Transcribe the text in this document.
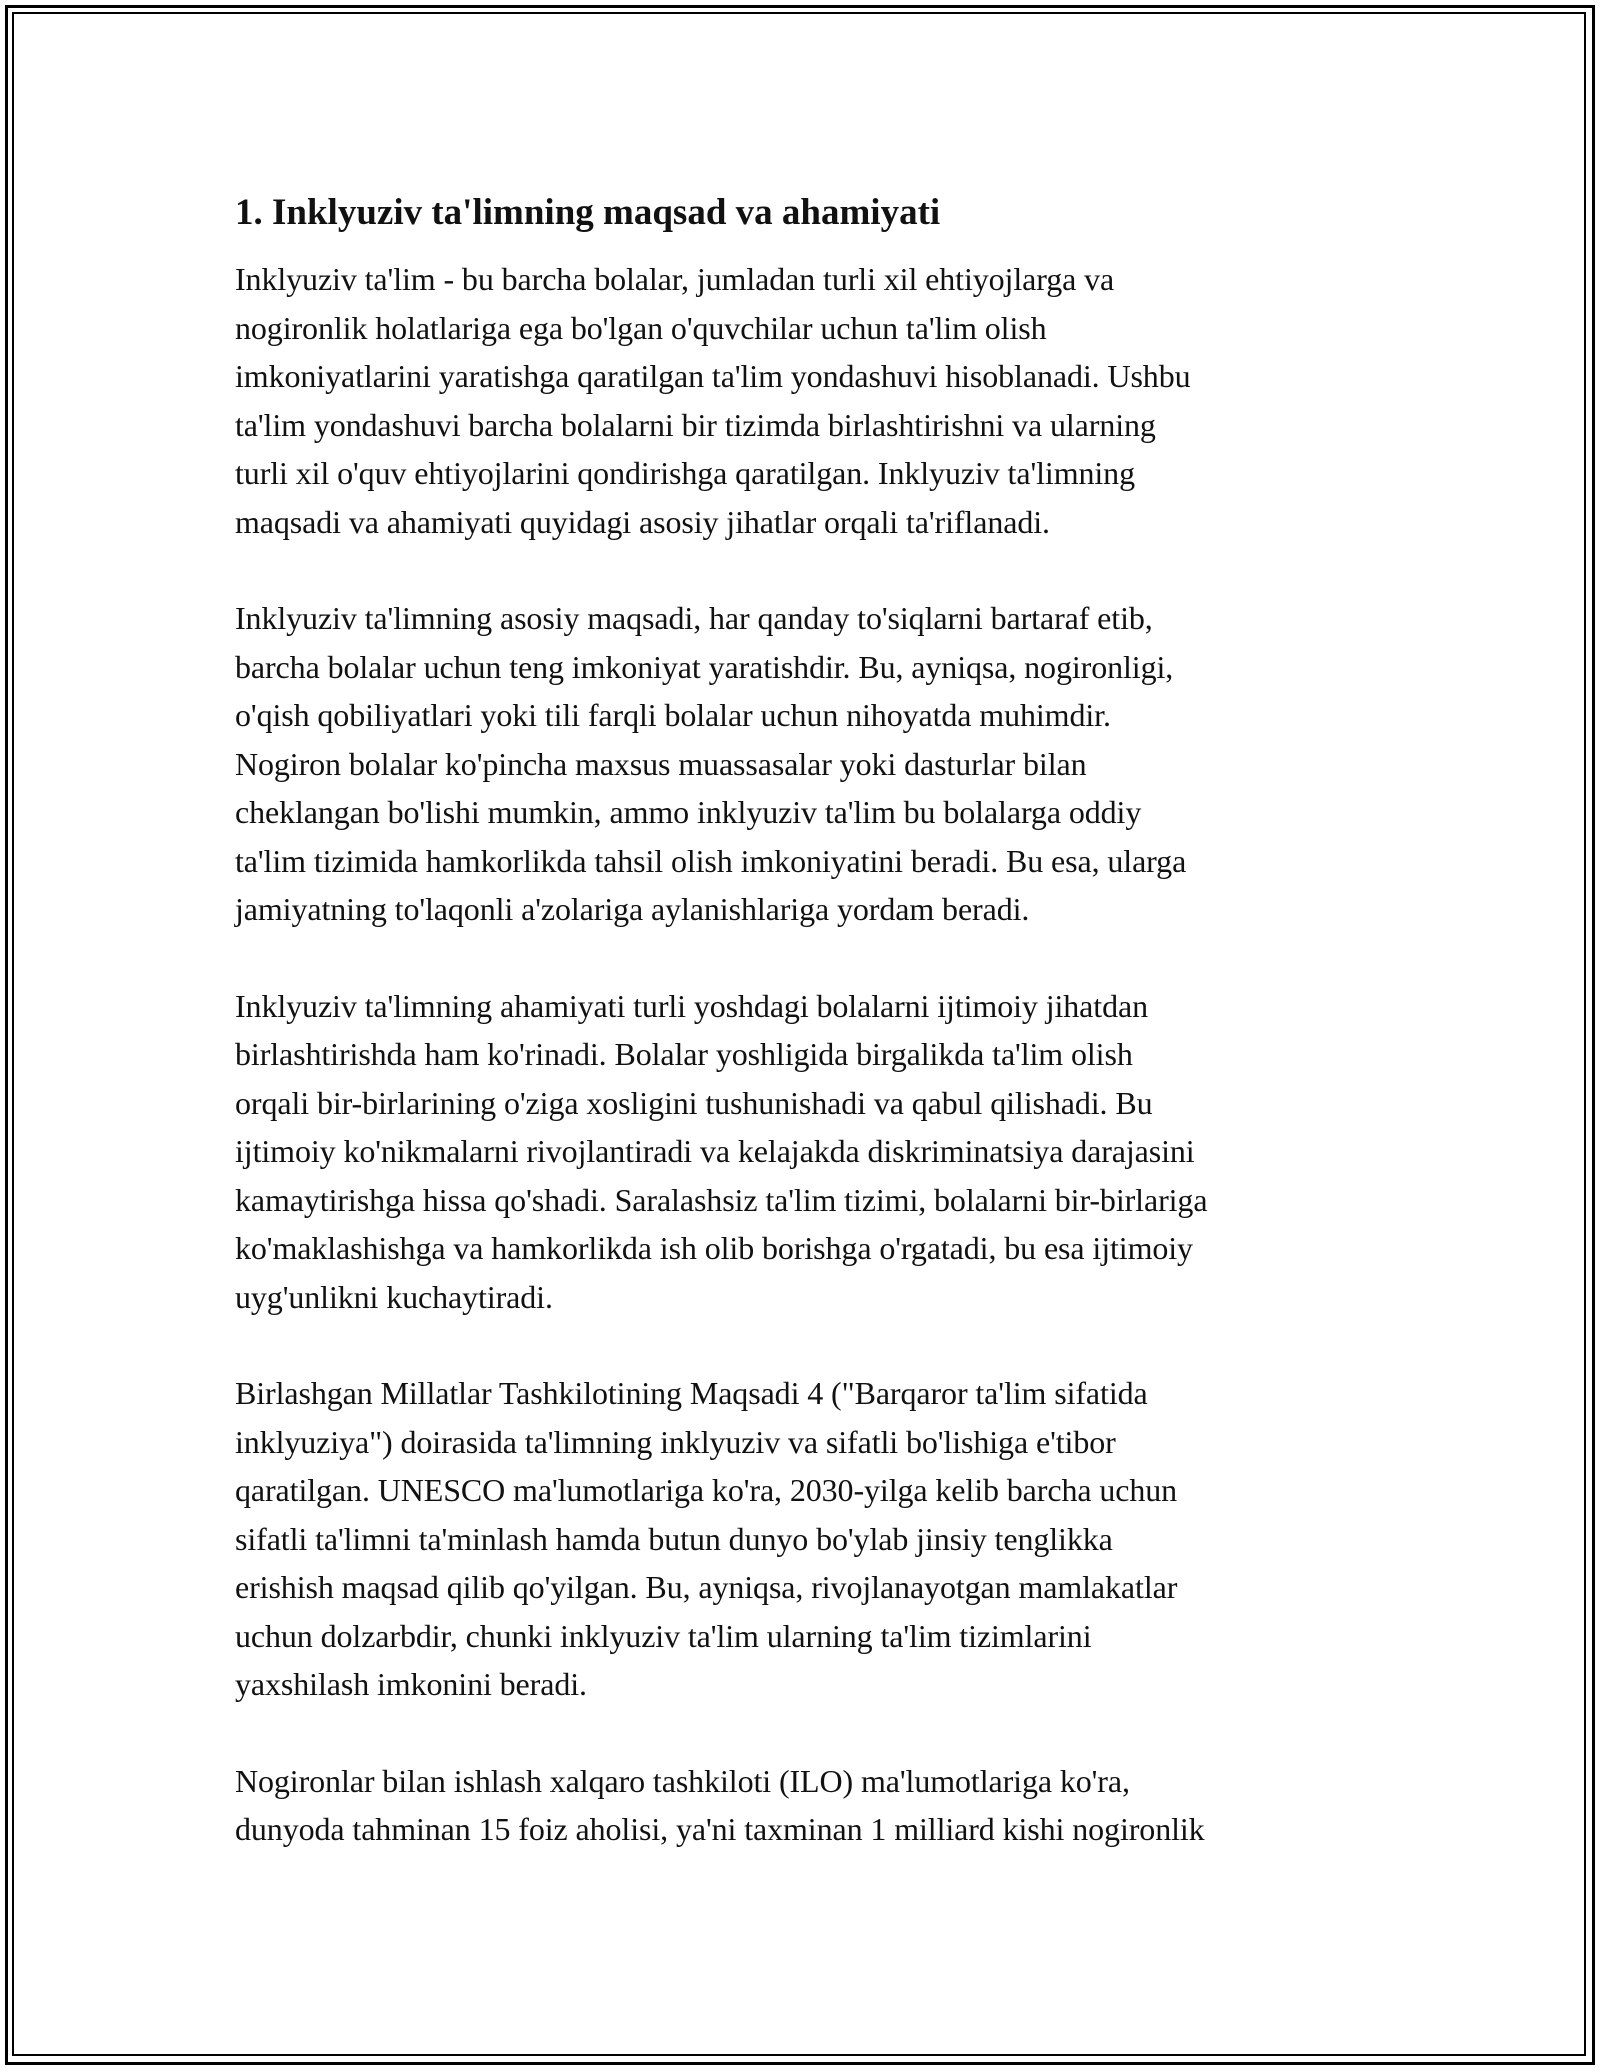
1. Inklyuziv ta'limning maqsad va ahamiyati

Inklyuziv ta'lim - bu barcha bolalar, jumladan turli xil ehtiyojlarga va
nogironlik holatlariga ega bo'lgan o'quvchilar uchun ta'lim olish
imkoniyatlarini yaratishga qaratilgan ta'lim yondashuvi hisoblanadi. Ushbu
ta'lim yondashuvi barcha bolalarni bir tizimda birlashtirishni va ularning
turli xil o'quv ehtiyojlarini qondirishga qaratilgan. Inklyuziv ta'limning
maqsadi va ahamiyati quyidagi asosiy jihatlar orqali ta'riflanadi.

Inklyuziv ta'limning asosiy maqsadi, har qanday to'siqlarni bartaraf etib,
barcha bolalar uchun teng imkoniyat yaratishdir. Bu, ayniqsa, nogironligi,
o'qish qobiliyatlari yoki tili farqli bolalar uchun nihoyatda muhimdir.
Nogiron bolalar ko'pincha maxsus muassasalar yoki dasturlar bilan
cheklangan bo'lishi mumkin, ammo inklyuziv ta'lim bu bolalarga oddiy
ta'lim tizimida hamkorlikda tahsil olish imkoniyatini beradi. Bu esa, ularga
jamiyatning to'laqonli a'zolariga aylanishlariga yordam beradi.

Inklyuziv ta'limning ahamiyati turli yoshdagi bolalarni ijtimoiy jihatdan
birlashtirishda ham ko'rinadi. Bolalar yoshligida birgalikda ta'lim olish
orqali bir-birlarining o'ziga xosligini tushunishadi va qabul qilishadi. Bu
ijtimoiy ko'nikmalarni rivojlantiradi va kelajakda diskriminatsiya darajasini
kamaytirishga hissa qo'shadi. Saralashsiz ta'lim tizimi, bolalarni bir-birlariga
ko'maklashishga va hamkorlikda ish olib borishga o'rgatadi, bu esa ijtimoiy
uyg'unlikni kuchaytiradi.

Birlashgan Millatlar Tashkilotining Maqsadi 4 ("Barqaror ta'lim sifatida
inklyuziya") doirasida ta'limning inklyuziv va sifatli bo'lishiga e'tibor
qaratilgan. UNESCO ma'lumotlariga ko'ra, 2030-yilga kelib barcha uchun
sifatli ta'limni ta'minlash hamda butun dunyo bo'ylab jinsiy tenglikka
erishish maqsad qilib qo'yilgan. Bu, ayniqsa, rivojlanayotgan mamlakatlar
uchun dolzarbdir, chunki inklyuziv ta'lim ularning ta'lim tizimlarini
yaxshilash imkonini beradi.

Nogironlar bilan ishlash xalqaro tashkiloti (ILO) ma'lumotlariga ko'ra,
dunyoda tahminan 15 foiz aholisi, ya'ni taxminan 1 milliard kishi nogironlik
